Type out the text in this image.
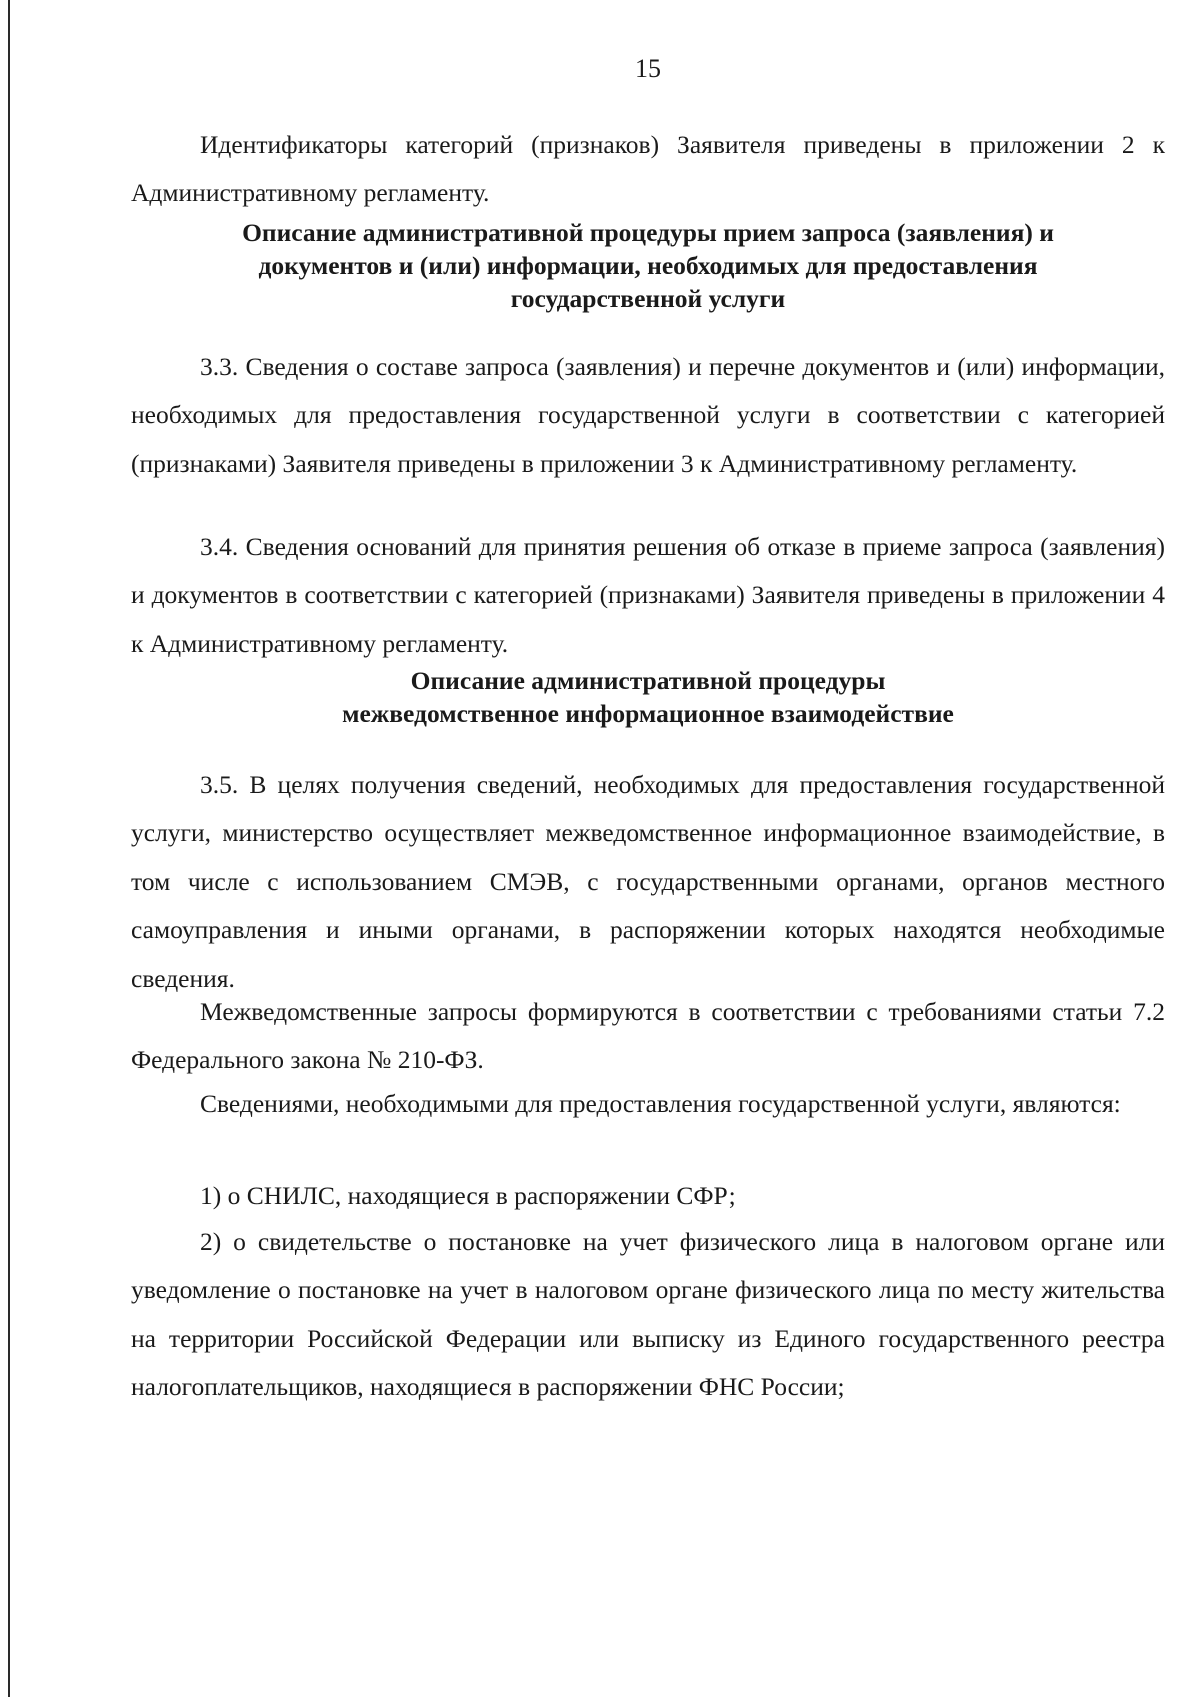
15

Идентификаторы категорий (признаков) Заявителя приведены в приложении 2 к Административному регламенту.

Описание административной процедуры прием запроса (заявления) и
документов и (или) информации, необходимых для предоставления
государственной услуги

3.3. Сведения о составе запроса (заявления) и перечне документов и (или) информации, необходимых для предоставления государственной услуги в соответствии с категорией (признаками) Заявителя приведены в приложении 3 к Административному регламенту.

3.4. Сведения оснований для принятия решения об отказе в приеме запроса (заявления) и документов в соответствии с категорией (признаками) Заявителя приведены в приложении 4 к Административному регламенту.

Описание административной процедуры
межведомственное информационное взаимодействие

3.5. В целях получения сведений, необходимых для предоставления государственной услуги, министерство осуществляет межведомственное информационное взаимодействие, в том числе с использованием СМЭВ, с государственными органами, органов местного самоуправления и иными органами, в распоряжении которых находятся необходимые сведения.

Межведомственные запросы формируются в соответствии с требованиями статьи 7.2 Федерального закона № 210-ФЗ.

Сведениями, необходимыми для предоставления государственной услуги, являются:

1) о СНИЛС, находящиеся в распоряжении СФР;

2) о свидетельстве о постановке на учет физического лица в налоговом органе или уведомление о постановке на учет в налоговом органе физического лица по месту жительства на территории Российской Федерации или выписку из Единого государственного реестра налогоплательщиков, находящиеся в распоряжении ФНС России;
